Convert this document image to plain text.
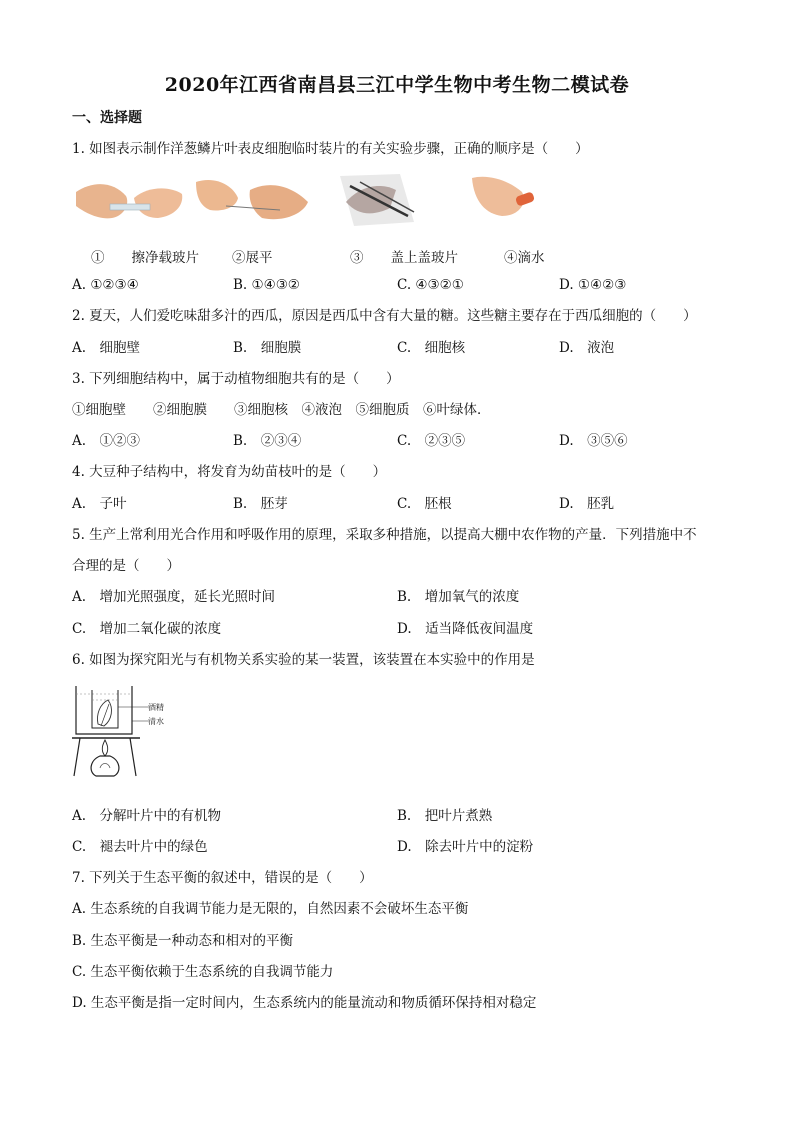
2020年江西省南昌县三江中学生物中考生物二模试卷
一、选择题
1. 如图表示制作洋葱鳞片叶表皮细胞临时装片的有关实验步骤，正确的顺序是（　　）
①　　擦净载玻片 ②展平	③　　盖上盖玻片	④滴水
A. ①②③④	B. ①④③②	C. ④③②①	D. ①④②③
2. 夏天，人们爱吃味甜多汁的西瓜，原因是西瓜中含有大量的糖。这些糖主要存在于西瓜细胞的（　　）
A.　细胞壁	B.　细胞膜	C.　细胞核	D.　液泡
3. 下列细胞结构中，属于动植物细胞共有的是（　　）
①细胞壁　　②细胞膜　　③细胞核　④液泡　⑤细胞质　⑥叶绿体．
A.　①②③	B.　②③④	C.　②③⑤	D.　③⑤⑥
4. 大豆种子结构中，将发育为幼苗枝叶的是（　　）
A.　子叶	B.　胚芽	C.　胚根	D.　胚乳
5. 生产上常利用光合作用和呼吸作用的原理，采取多种措施，以提高大棚中农作物的产量．下列措施中不
合理的是（　　）
A.　增加光照强度，延长光照时间	B.　增加氧气的浓度
C.　增加二氧化碳的浓度	D.　适当降低夜间温度
6. 如图为探究阳光与有机物关系实验的某一装置，该装置在本实验中的作用是
酒精
清水
A.　分解叶片中的有机物	B.　把叶片煮熟
C.　褪去叶片中的绿色	D.　除去叶片中的淀粉
7. 下列关于生态平衡的叙述中，错误的是（　　）
A. 生态系统的自我调节能力是无限的，自然因素不会破坏生态平衡
B. 生态平衡是一种动态和相对的平衡
C. 生态平衡依赖于生态系统的自我调节能力
D. 生态平衡是指一定时间内，生态系统内的能量流动和物质循环保持相对稳定
